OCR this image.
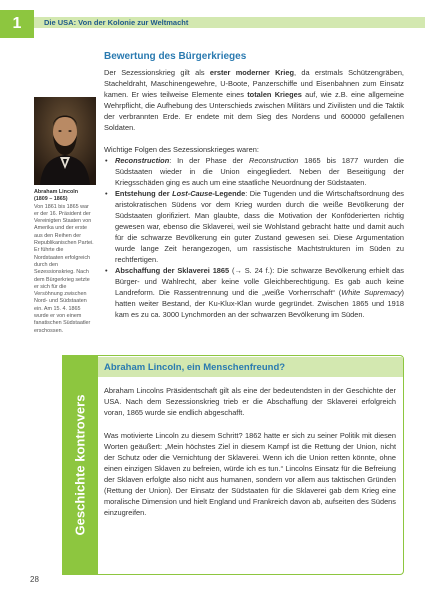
1	Die USA: Von der Kolonie zur Weltmacht
Bewertung des Bürgerkrieges
Der Sezessionskrieg gilt als erster moderner Krieg, da erstmals Schützengräben, Stacheldraht, Maschinengewehre, U-Boote, Panzerschiffe und Eisenbahnen zum Einsatz kamen. Er wies teilweise Elemente eines totalen Krieges auf, wie z.B. eine allgemeine Wehrpflicht, die Aufhebung des Unterschieds zwischen Militärs und Zivilisten und die Taktik der verbrannten Erde. Er endete mit dem Sieg des Nordens und 600000 gefallenen Soldaten.
Wichtige Folgen des Sezessionskrieges waren:
Abraham Lincoln
(1809 – 1865)
Von 1861 bis 1865 war er der 16. Präsident der Vereinigten Staaten von Amerika und der erste aus den Reihen der Republikanischen Partei. Er führte die Nordstaaten erfolgreich durch den Sezessionskrieg. Nach dem Bürgerkrieg setzte er sich für die Versöhnung zwischen Nord- und Südstaaten ein. Am 15. 4. 1865 wurde er von einem fanatischen Südstaatler erschossen.
• Reconstruction: In der Phase der Reconstruction 1865 bis 1877 wurden die Südstaaten wieder in die Union eingegliedert. Neben der Beseitigung der Kriegsschäden ging es auch um eine staatliche Neuordnung der Südstaaten.
• Entstehung der Lost-Cause-Legende: Die Tugenden und die Wirtschaftsordnung des aristokratischen Südens vor dem Krieg wurden durch die weiße Bevölkerung der Südstaaten glorifiziert. Man glaubte, dass die Motivation der Konföderierten richtig gewesen war, ebenso die Sklaverei, weil sie Wohlstand gebracht hatte und damit auch für die schwarze Bevölkerung ein guter Zustand gewesen sei. Diese Argumentation wurde lange Zeit herangezogen, um rassistische Machtstrukturen im Süden zu rechtfertigen.
• Abschaffung der Sklaverei 1865 (→ S. 24 f.): Die schwarze Bevölkerung erhielt das Bürger- und Wahlrecht, aber keine volle Gleichberechtigung. Es gab auch keine Landreform. Die Rassentrennung und die „weiße Vorherrschaft“ (White Supremacy) hatten weiter Bestand, der Ku-Klux-Klan wurde gegründet. Zwischen 1865 und 1918 kam es zu ca. 3000 Lynchmorden an der schwarzen Bevölkerung im Süden.
Geschichte kontrovers
Abraham Lincoln, ein Menschenfreund?
Abraham Lincolns Präsidentschaft gilt als eine der bedeutendsten in der Geschichte der USA. Nach dem Sezessionskrieg trieb er die Abschaffung der Sklaverei erfolgreich voran, 1865 wurde sie endlich abgeschafft.
Was motivierte Lincoln zu diesem Schritt? 1862 hatte er sich zu seiner Politik mit diesen Worten geäußert: „Mein höchstes Ziel in diesem Kampf ist die Rettung der Union, nicht der Schutz oder die Vernichtung der Sklaverei. Wenn ich die Union retten könnte, ohne einen einzigen Sklaven zu befreien, würde ich es tun.“ Lincolns Einsatz für die Befreiung der Sklaven erfolgte also nicht aus humanen, sondern vor allem aus taktischen Gründen (Rettung der Union). Der Einsatz der Südstaaten für die Sklaverei gab dem Krieg eine moralische Dimension und hielt England und Frankreich davon ab, aufseiten des Südens einzugreifen.
28
